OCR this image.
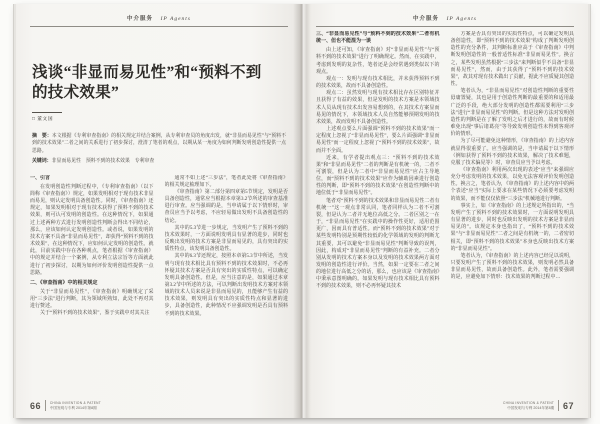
中介服务 IP Agents
浅谈“非显而易见性”和“预料不到的技术效果”
□ 董文国
摘　要：本文根据《专利审查指南》的相关规定并结合案例，从专利审查员的角度出发，就“非显而易见性”与“预料不到的技术效果”二者之间的关系进行了初步探讨，澄清了笔者的观点，以期从某一角度为如何判断发明创造性提供一点思路。
关键词：非显而易见性　预料不到的技术效果　专利审查
一、引言
在发明创造性判断过程中，《专利审查指南》（以下简称《审查指南》）规定，如果发明相对于现有技术非显而易见，则认定发明具备创造性。同时，《审查指南》还规定，如果发明相对于现有技术获得了预料不到的技术效果，则可认可发明的创造性。在这种情况下，如果通过上述两种方式进行发明创造性判断会得出不同结论，那么，应该如何认定发明创造性。或者说，如果发明的技术方案不具备“非显而易见性”，却获得“预料不到的技术效果”，在这种情况下，应如何认定发明的创造性。就此，目前实践中存在各种观点，笔者根据《审查指南》中的规定并结合一个案例，从专利立法宗旨等方面就此进行了初步探讨，以期为如何评价发明创造性提供一点思路。
二、《审查指南》中的相关规定
关于“非显而易见性”，《审查指南》明确规定了采用“三步法”进行判断，其为领域所熟知，此处不再对其进行赘述。
关于“预料不到的技术效果”，鉴于实践中对其关注
通常不如上述“三步法”，笔者此处将《审查指南》的相关规定梳理如下。
《审查指南》第二部分第四章第5节规定，发明是否具备创造性，通常应当根据本章第3.2节所述的审查基准进行审查。应当强调的是，当申请属于以下情形时，审查员应当予以考虑，不应轻易做出发明不具备创造性的结论。
其中的5.3节进一步规定，当发明产生了预料不到的技术效果时，一方面说明发明具有显著的进步，同时也反映出发明的技术方案是非显而易见的，具有突出的实质性特点，该发明具备创造性。
其中的6.3节还规定，按照本章第5.3节中所述，当发明与现有技术相比具有预料不到的技术效果时，不必再怀疑其技术方案是否具有突出的实质性特点，可以确定发明具备创造性。但是，应当注意的是，如果通过本章第3.2节中所述的方法，可以判断出发明技术方案对本领域的技术人员来说是非显而易见的，且能够产生有益的技术效果，则发明具有突出的实质性特点和显著的进步，具备创造性，此种情况不应强调发明是否具有预料不到的技术效果。
66	CHINA INVENTION & PATENT
中国发明与专利 2014年第8期
中介服务 IP Agents
三、“非显而易见性”与“预料不到的技术效果”二者有机统一、但也不能混为一谈
由上述可知，《审查指南》对“非显而易见性”与“预料不到的技术效果”进行了明确规定。然而，在实践中，考虑到发明的复杂性，笔者还是会经常遇到类似以下的观点。
观点一：发明与现有技术相比，并未获得预料不到的技术效果，故而不具备创造性。
观点二：虽然发明与现有技术相比存在区别特征并且获得了有益的效果，但是发明的技术方案是本领域技术人员从现有技术出发容易想到的，在其技术方案显而易见的情况下，本领域技术人员自然能够预期发明的技术效果，故而发明不具备创造性。
上述观点要么片面强调“预料不到的技术效果”而一定程度上忽视了“非显而易见性”，要么片面强调“非显而易见性”而一定程度上忽视了“预料不到的技术效果”，故而并不全面。
近来，有学者提出观点三：“预料不到的技术效果”和“非显而易见性”二者的判断是有机统一的，二者不可割裂，但是认为二者中“非显而易见性”应占主导地位，而“预料不到的技术效果”应作为辅助因素进行创造性的判断，即“预料不到的技术效果”在创造性判断中的地位低于“非显而易见性”。
笔者对“预料不到的技术效果和非显而易见性二者有机统一”这一观点非常认同，笔者同样认为二者不可割裂，但是认为二者并无地位高低之分。二者区别之一在于，“非显而易见性”在实践中的操作性更好，适用范围更广，因而具有普适性。而“预料不到的技术效果”对于某些发明特别是预期性较低的化学领域的发明的判断尤其重要，其可以避免“非显而易见性”判断导致的误判，因此，构成对“非显而易见性”判断的有益补充。二者分别从发明的技术方案本身以及发明的技术效果两方面对发明的创造性进行评价。当然，如果一定要在二者之间的地位进行高低之分的话，那么，也应该是《审查指南》中秉承意图明确的。如果发明与现有技术相比具有预料不到的技术效果，则不必再怀疑其技术
方案是否具有突出的实质性特点，可以确定发明具备创造性，即“预料不到的技术效果”构成了判断发明创造性的充分条件，其判断标准应高于《审查指南》中判断发明创造性的一般普适性标准“非显而易见性”。换言之，某些发明虽然根据“三步法”来判断似乎不具备“非显而易见性”，然而，由于其获得了“预料不到的技术效果”，故其对现有技术做出了贡献，据此不应质疑其创造性。
笔者认为，“非显而易见性”对创造性判断的重要性毋庸置疑，其也是用于创造性判断的最重要的和适用最广泛的手段，绝大部分发明的创造性都需要利用“三步法”进行“非显而易见性”的判断。但是这种方法对发明创造性的判断是在了解了发明之后才进行的，故而有时候难免出现“事后诸葛亮”等导致发明创造性未得到客观评价的情形。
为了尽可能避免这种情形，《审查指南》的上述内容就显得很重要了。应当强调的是，当申请属于以下情形（例如获得了预料不到的技术效果，解决了技术难题，克服了技术偏见等）时，审查员应当予以考虑。
《审查指南》利用两次出现的表述“应当”来强调应充分考虑发明的技术效果，以免无法客观评价发明创造性。换言之，笔者认为，《审查指南》的上述内容中的两个表述“应当”实际上要求在某些情况下必须要考虑发明的效果，而不能仅仅依照“三步法”机械地进行判断。
事实上，如《审查指南》的上述规定所指出的，“当发明产生了预料不到的技术效果时，一方面说明发明具有显著的进步，同时也反映出发明的技术方案是非显而易见的”。该规定本身也指出了，“预料不到的技术效果”与“非显而易见性”二者之间是有机统一的，二者密切相关，即“预料不到的技术效果”本身也反映出技术方案的“非显而易见性”。
笔者认为，《审查指南》的上述内容已经足以说明，只要发明产生了预料不到的技术效果，则发明必然具备非显而易见性，故而具备创造性。此外，笔者需要强调的是，应避免如下情形：技术效果的判断过程中…
CHINA INVENTION & PATENT
中国发明与专利 2014年第8期 67
